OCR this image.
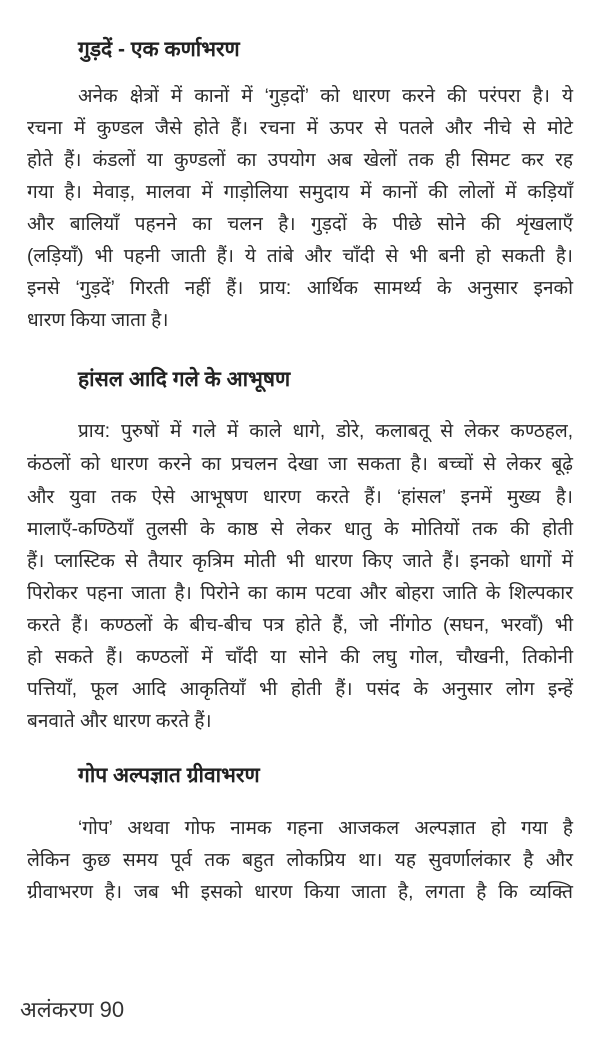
गुड़दें - एक कर्णाभरण
अनेक क्षेत्रों में कानों में ‘गुड़दों’ को धारण करने की परंपरा है। ये
रचना में कुण्डल जैसे होते हैं। रचना में ऊपर से पतले और नीचे से मोटे
होते हैं। कंडलों या कुण्डलों का उपयोग अब खेलों तक ही सिमट कर रह
गया है। मेवाड़, मालवा में गाड़ोलिया समुदाय में कानों की लोलों में कड़ियाँ
और बालियाँ पहनने का चलन है। गुड़दों के पीछे सोने की शृंखलाएँ
(लड़ियाँ) भी पहनी जाती हैं। ये तांबे और चाँदी से भी बनी हो सकती है।
इनसे ‘गुड़दें’ गिरती नहीं हैं। प्राय: आर्थिक सामर्थ्य के अनुसार इनको
धारण किया जाता है।
हांसल आदि गले के आभूषण
प्राय: पुरुषों में गले में काले धागे, डोरे, कलाबतू से लेकर कण्ठहल,
कंठलों को धारण करने का प्रचलन देखा जा सकता है। बच्चों से लेकर बूढ़े
और युवा तक ऐसे आभूषण धारण करते हैं। ‘हांसल’ इनमें मुख्य है।
मालाएँ-कण्ठियाँ तुलसी के काष्ठ से लेकर धातु के मोतियों तक की होती
हैं। प्लास्टिक से तैयार कृत्रिम मोती भी धारण किए जाते हैं। इनको धागों में
पिरोकर पहना जाता है। पिरोने का काम पटवा और बोहरा जाति के शिल्पकार
करते हैं। कण्ठलों के बीच-बीच पत्र होते हैं, जो नींगोठ (सघन, भरवाँ) भी
हो सकते हैं। कण्ठलों में चाँदी या सोने की लघु गोल, चौखनी, तिकोनी
पत्तियाँ, फूल आदि आकृतियाँ भी होती हैं। पसंद के अनुसार लोग इन्हें
बनवाते और धारण करते हैं।
गोप अल्पज्ञात ग्रीवाभरण
‘गोप’ अथवा गोफ नामक गहना आजकल अल्पज्ञात हो गया है
लेकिन कुछ समय पूर्व तक बहुत लोकप्रिय था। यह सुवर्णालंकार है और
ग्रीवाभरण है। जब भी इसको धारण किया जाता है, लगता है कि व्यक्ति
अलंकरण 90
